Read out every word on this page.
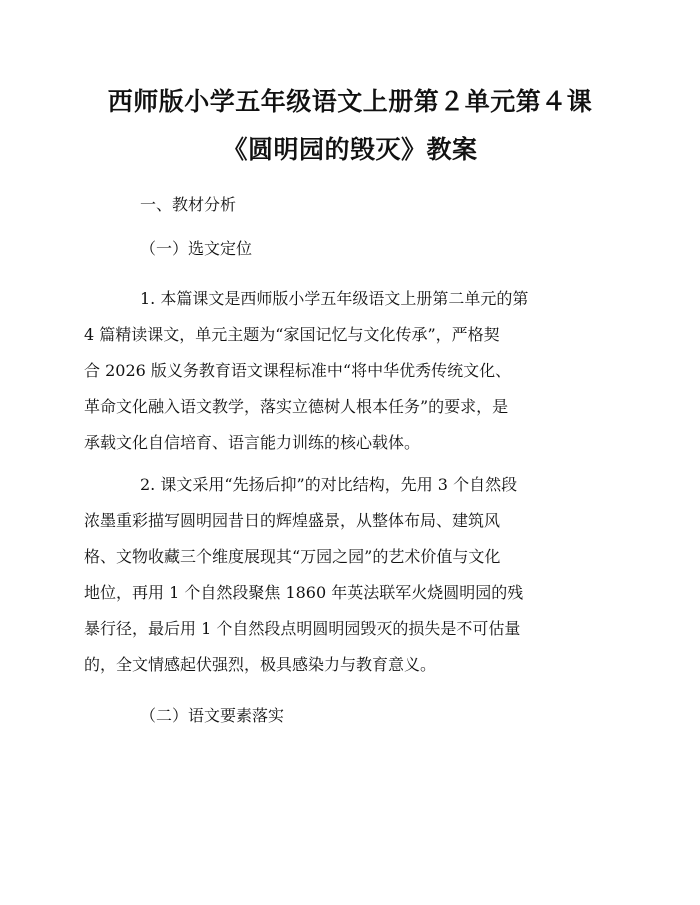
西师版小学五年级语文上册第２单元第４课
《圆明园的毁灭》教案
一、教材分析
（一）选文定位
1. 本篇课文是西师版小学五年级语文上册第二单元的第
4 篇精读课文，单元主题为“家国记忆与文化传承”，严格契
合 2026 版义务教育语文课程标准中“将中华优秀传统文化、
革命文化融入语文教学，落实立德树人根本任务”的要求，是
承载文化自信培育、语言能力训练的核心载体。
2. 课文采用“先扬后抑”的对比结构，先用 3 个自然段
浓墨重彩描写圆明园昔日的辉煌盛景，从整体布局、建筑风
格、文物收藏三个维度展现其“万园之园”的艺术价值与文化
地位，再用 1 个自然段聚焦 1860 年英法联军火烧圆明园的残
暴行径，最后用 1 个自然段点明圆明园毁灭的损失是不可估量
的，全文情感起伏强烈，极具感染力与教育意义。
（二）语文要素落实
